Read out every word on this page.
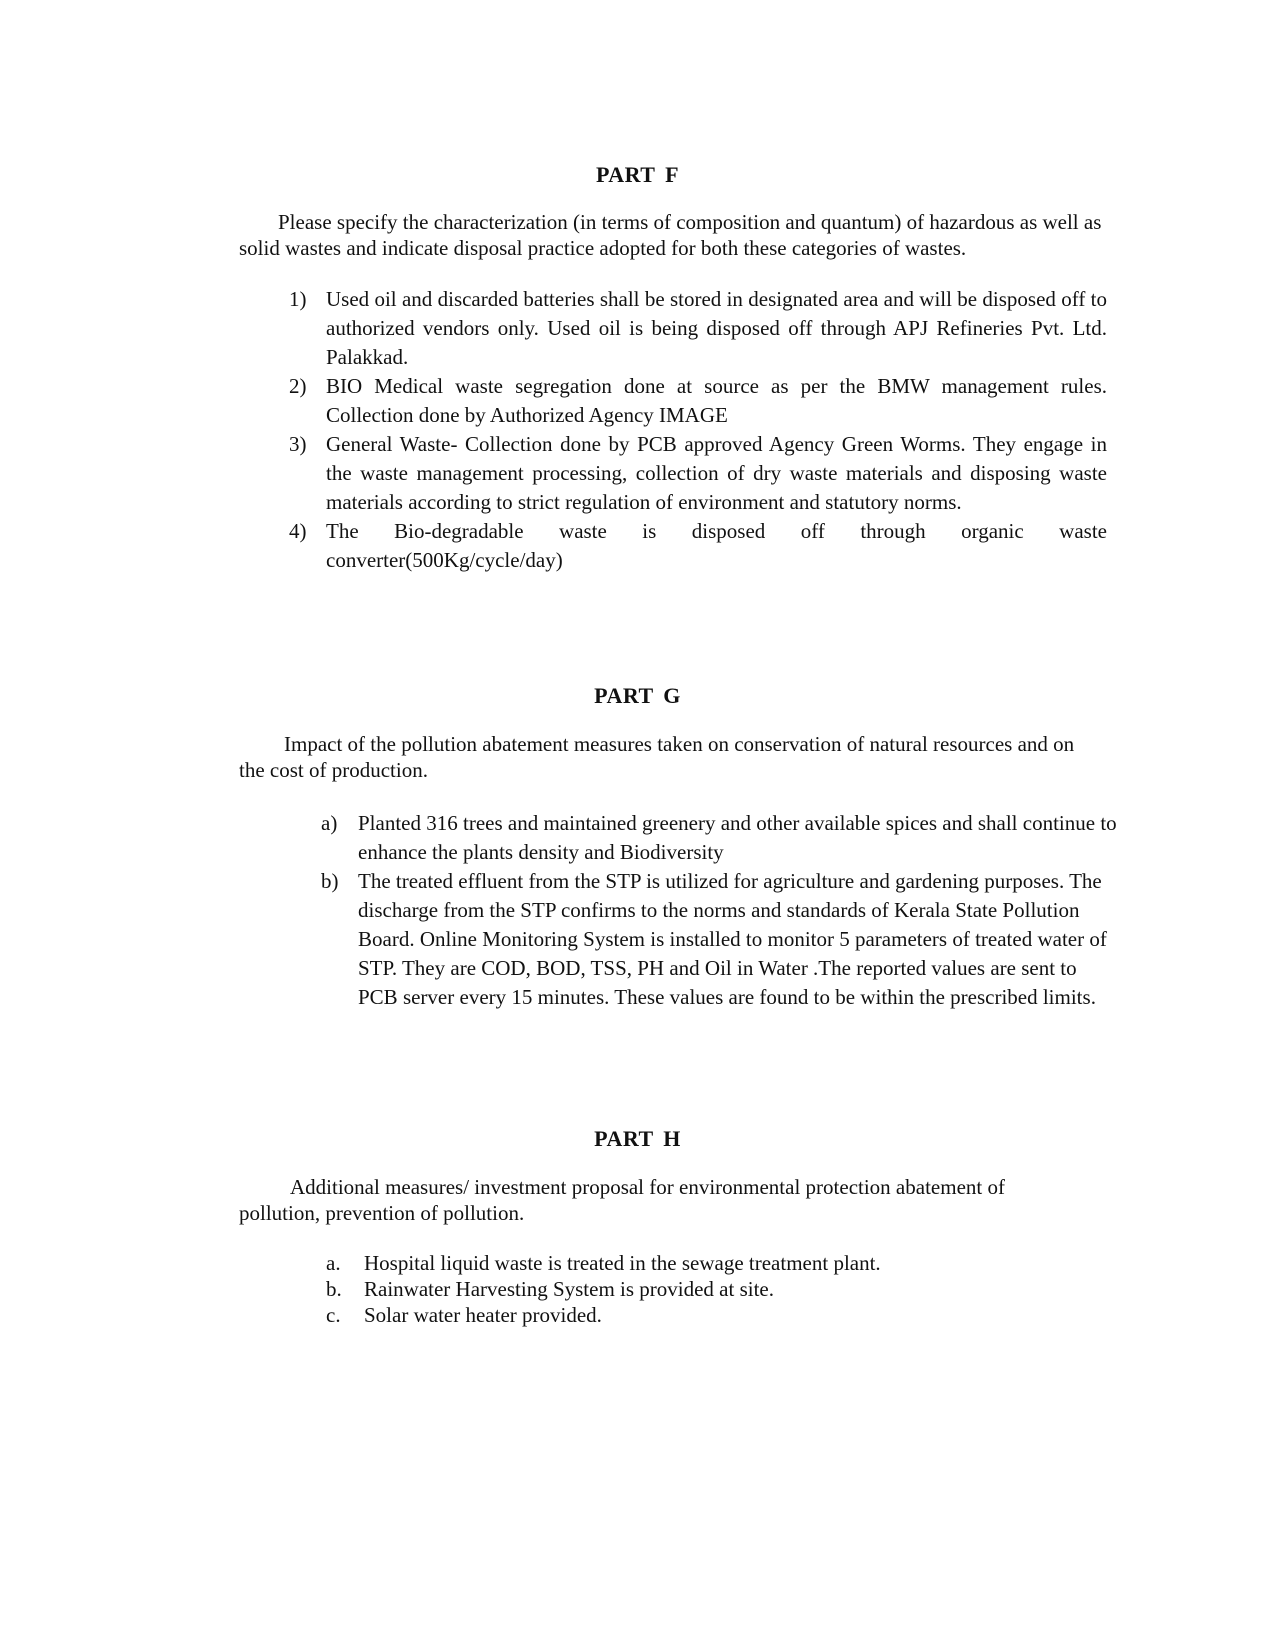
PART F

Please specify the characterization (in terms of composition and quantum) of hazardous as well as solid wastes and indicate disposal practice adopted for both these categories of wastes.

1) Used oil and discarded batteries shall be stored in designated area and will be disposed off to authorized vendors only. Used oil is being disposed off through APJ Refineries Pvt. Ltd. Palakkad.
2) BIO Medical waste segregation done at source as per the BMW management rules. Collection done by Authorized Agency IMAGE
3) General Waste- Collection done by PCB approved Agency Green Worms. They engage in the waste management processing, collection of dry waste materials and disposing waste materials according to strict regulation of environment and statutory norms.
4) The Bio-degradable waste is disposed off through organic waste
converter(500Kg/cycle/day)
PART G

Impact of the pollution abatement measures taken on conservation of natural resources and on the cost of production.

a) Planted 316 trees and maintained greenery and other available spices and shall continue to enhance the plants density and Biodiversity
b) The treated effluent from the STP is utilized for agriculture and gardening purposes. The discharge from the STP confirms to the norms and standards of Kerala State Pollution Board. Online Monitoring System is installed to monitor 5 parameters of treated water of STP. They are COD, BOD, TSS, PH and Oil in Water .The reported values are sent to PCB server every 15 minutes. These values are found to be within the prescribed limits.
PART H

Additional measures/ investment proposal for environmental protection abatement of pollution, prevention of pollution.

a. Hospital liquid waste is treated in the sewage treatment plant.
b. Rainwater Harvesting System is provided at site.
c. Solar water heater provided.
